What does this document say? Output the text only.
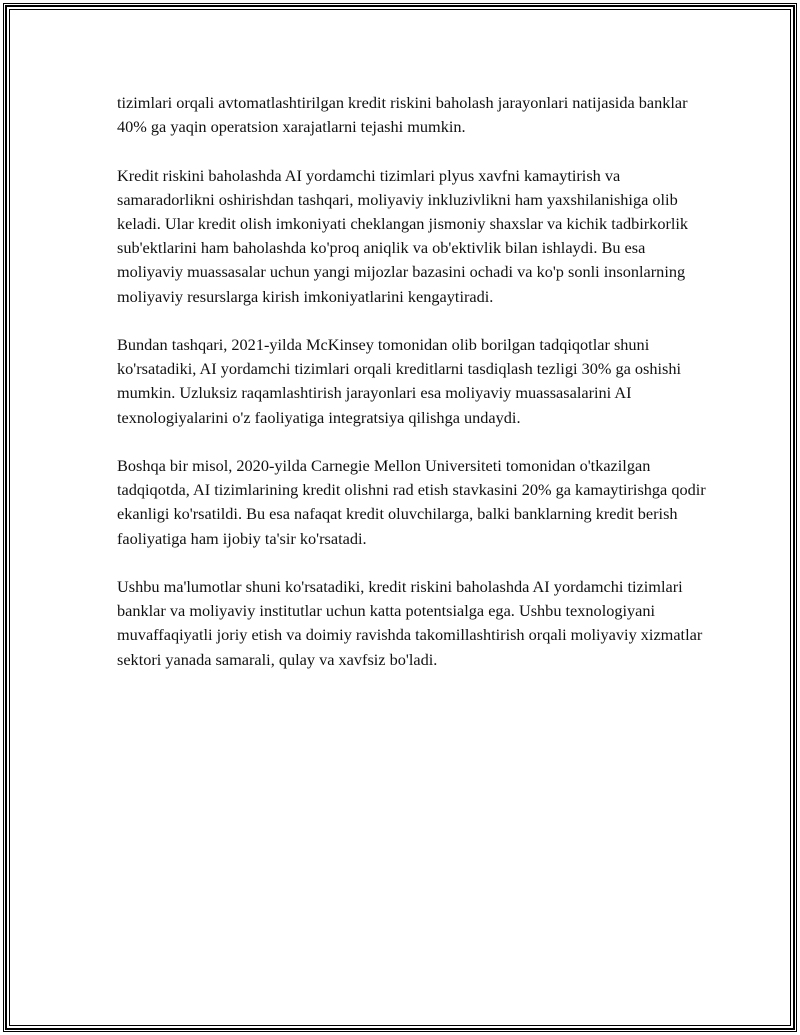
tizimlari orqali avtomatlashtirilgan kredit riskini baholash jarayonlari natijasida banklar 40% ga yaqin operatsion xarajatlarni tejashi mumkin.

Kredit riskini baholashda AI yordamchi tizimlari plyus xavfni kamaytirish va samaradorlikni oshirishdan tashqari, moliyaviy inkluzivlikni ham yaxshilanishiga olib keladi. Ular kredit olish imkoniyati cheklangan jismoniy shaxslar va kichik tadbirkorlik sub'ektlarini ham baholashda ko'proq aniqlik va ob'ektivlik bilan ishlaydi. Bu esa moliyaviy muassasalar uchun yangi mijozlar bazasini ochadi va ko'p sonli insonlarning moliyaviy resurslarga kirish imkoniyatlarini kengaytiradi.

Bundan tashqari, 2021-yilda McKinsey tomonidan olib borilgan tadqiqotlar shuni ko'rsatadiki, AI yordamchi tizimlari orqali kreditlarni tasdiqlash tezligi 30% ga oshishi mumkin. Uzluksiz raqamlashtirish jarayonlari esa moliyaviy muassasalarini AI texnologiyalarini o'z faoliyatiga integratsiya qilishga undaydi.

Boshqa bir misol, 2020-yilda Carnegie Mellon Universiteti tomonidan o'tkazilgan tadqiqotda, AI tizimlarining kredit olishni rad etish stavkasini 20% ga kamaytirishga qodir ekanligi ko'rsatildi. Bu esa nafaqat kredit oluvchilarga, balki banklarning kredit berish faoliyatiga ham ijobiy ta'sir ko'rsatadi.

Ushbu ma'lumotlar shuni ko'rsatadiki, kredit riskini baholashda AI yordamchi tizimlari banklar va moliyaviy institutlar uchun katta potentsialga ega. Ushbu texnologiyani muvaffaqiyatli joriy etish va doimiy ravishda takomillashtirish orqali moliyaviy xizmatlar sektori yanada samarali, qulay va xavfsiz bo'ladi.
